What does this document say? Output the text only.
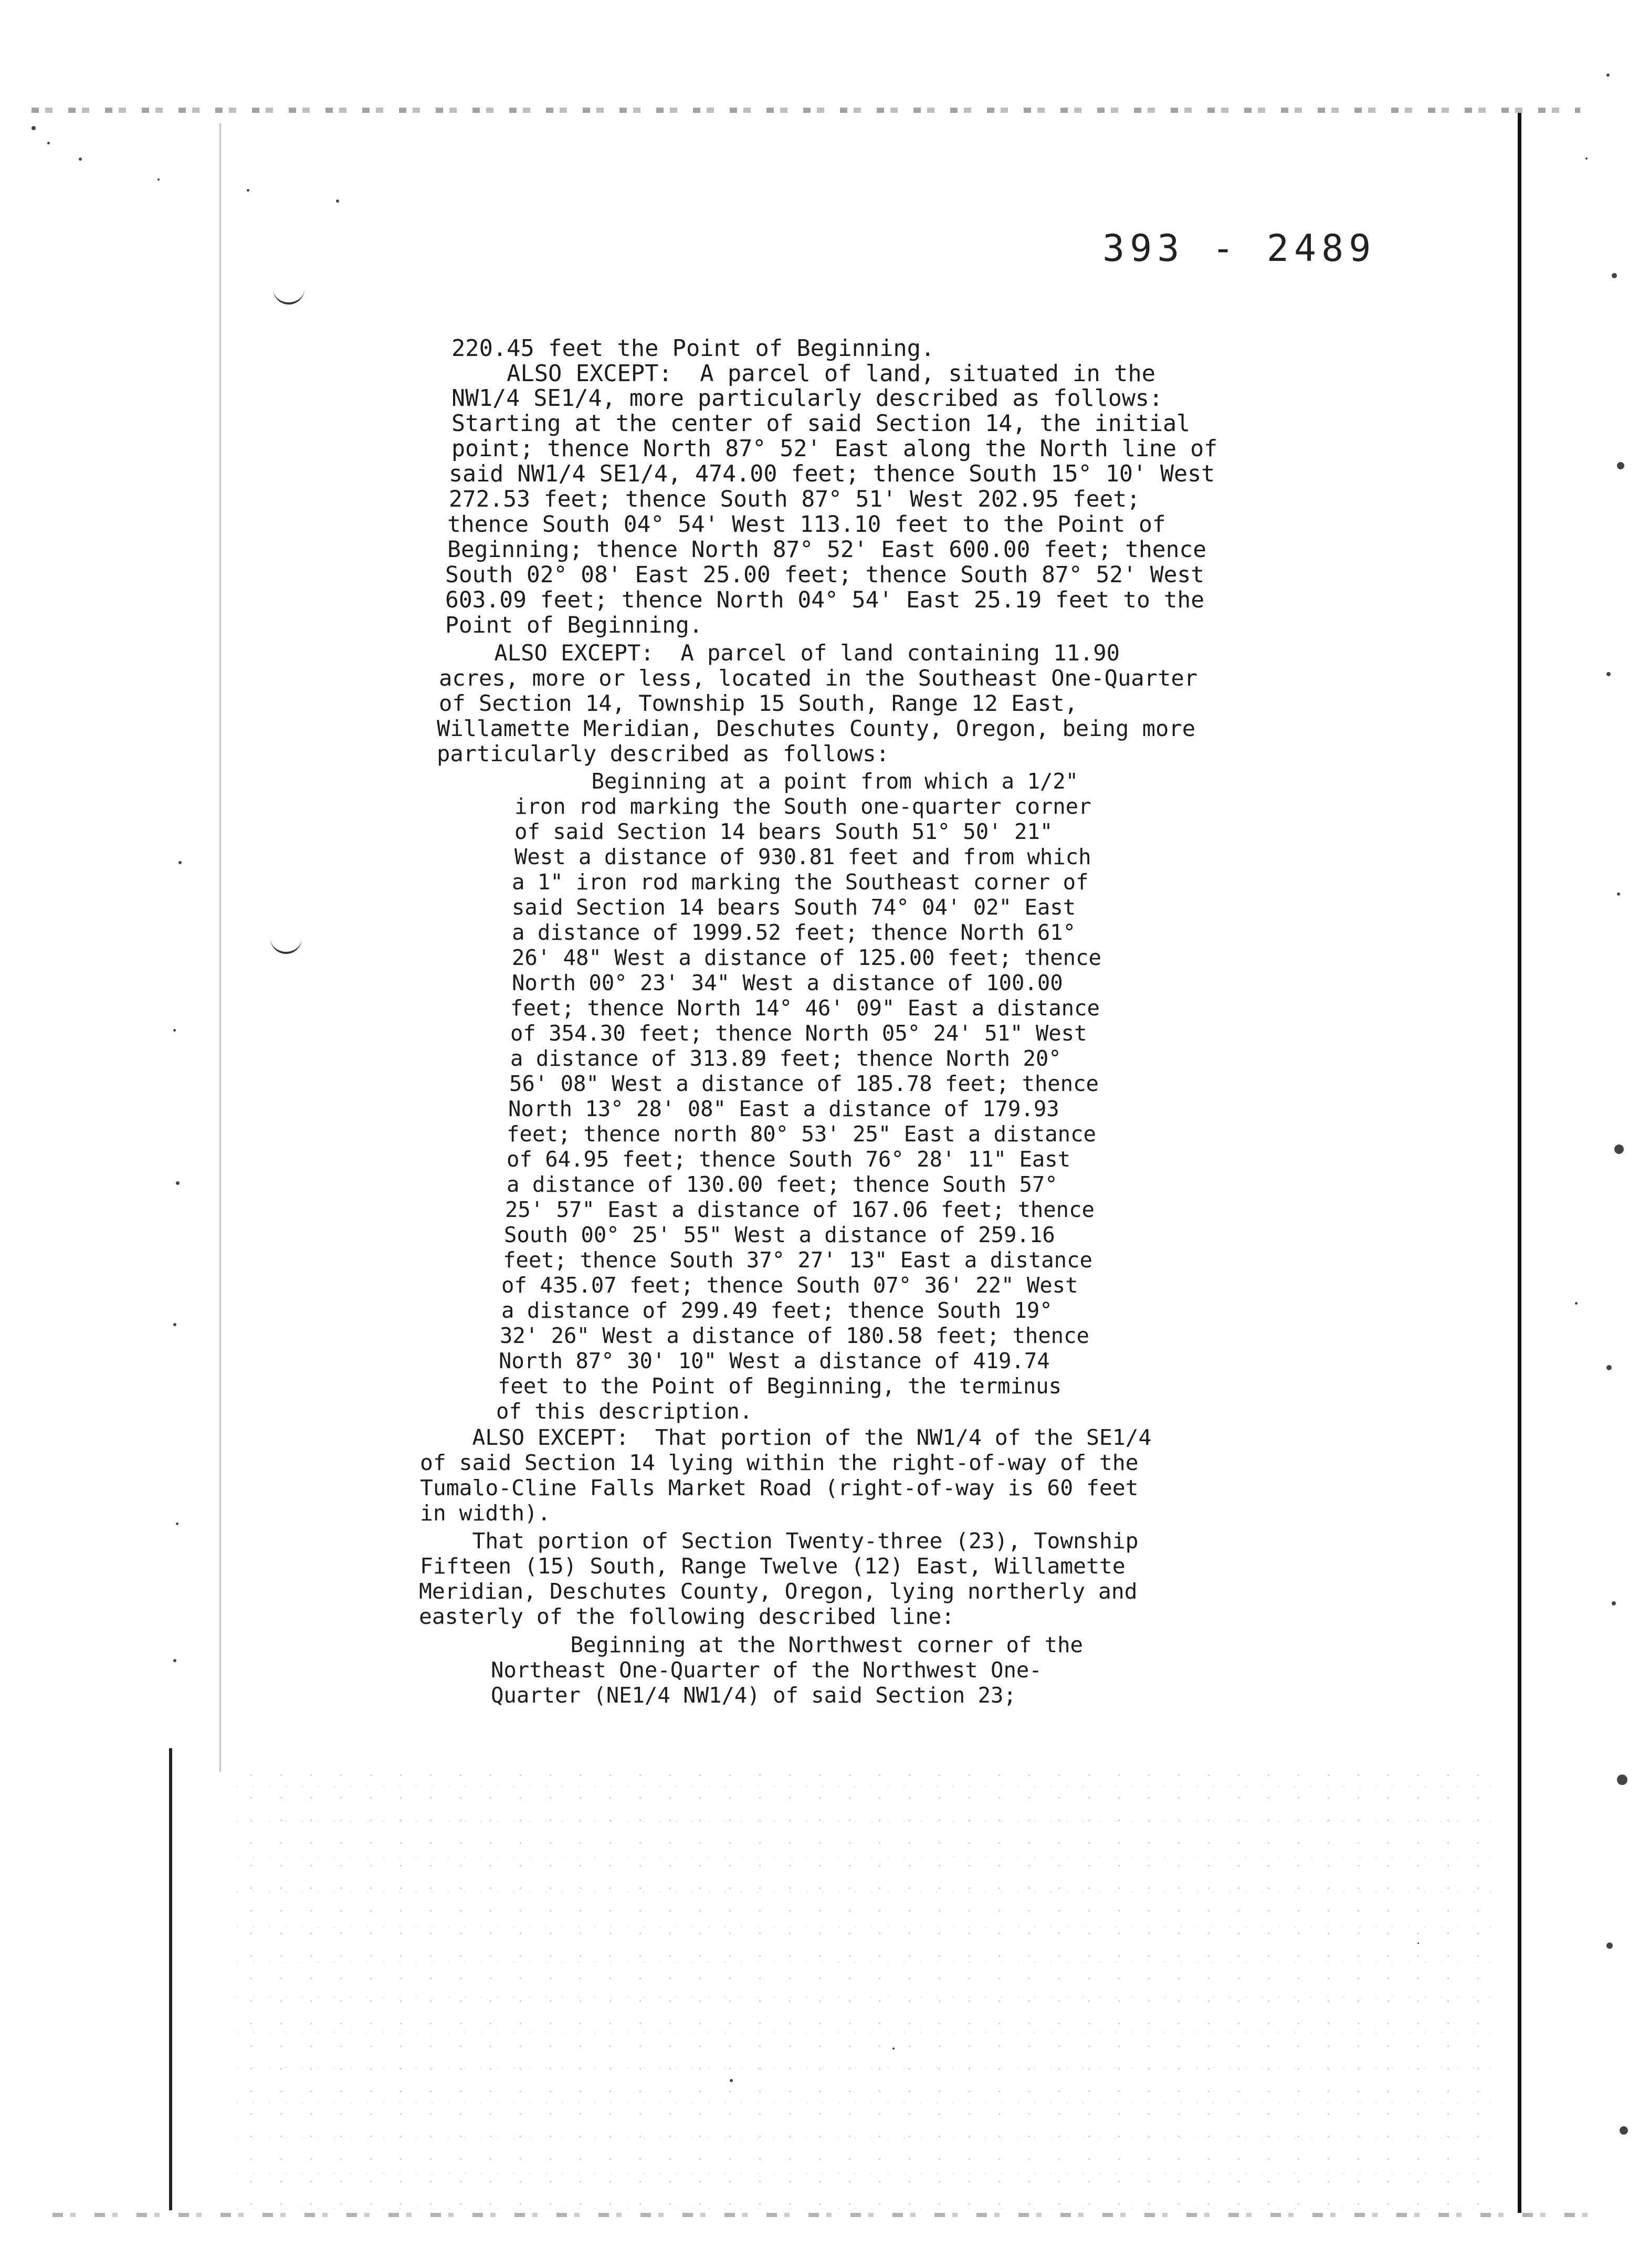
393 ‑ 2489
220.45 feet the Point of Beginning.
ALSO EXCEPT:  A parcel of land, situated in the
NW1/4 SE1/4, more particularly described as follows:
Starting at the center of said Section 14, the initial
point; thence North 87° 52' East along the North line of
said NW1/4 SE1/4, 474.00 feet; thence South 15° 10' West
272.53 feet; thence South 87° 51' West 202.95 feet;
thence South 04° 54' West 113.10 feet to the Point of
Beginning; thence North 87° 52' East 600.00 feet; thence
South 02° 08' East 25.00 feet; thence South 87° 52' West
603.09 feet; thence North 04° 54' East 25.19 feet to the
Point of Beginning.
ALSO EXCEPT:  A parcel of land containing 11.90
acres, more or less, located in the Southeast One-Quarter
of Section 14, Township 15 South, Range 12 East,
Willamette Meridian, Deschutes County, Oregon, being more
particularly described as follows:
Beginning at a point from which a 1/2"
iron rod marking the South one-quarter corner
of said Section 14 bears South 51° 50' 21"
West a distance of 930.81 feet and from which
a 1" iron rod marking the Southeast corner of
said Section 14 bears South 74° 04' 02" East
a distance of 1999.52 feet; thence North 61°
26' 48" West a distance of 125.00 feet; thence
North 00° 23' 34" West a distance of 100.00
feet; thence North 14° 46' 09" East a distance
of 354.30 feet; thence North 05° 24' 51" West
a distance of 313.89 feet; thence North 20°
56' 08" West a distance of 185.78 feet; thence
North 13° 28' 08" East a distance of 179.93
feet; thence north 80° 53' 25" East a distance
of 64.95 feet; thence South 76° 28' 11" East
a distance of 130.00 feet; thence South 57°
25' 57" East a distance of 167.06 feet; thence
South 00° 25' 55" West a distance of 259.16
feet; thence South 37° 27' 13" East a distance
of 435.07 feet; thence South 07° 36' 22" West
a distance of 299.49 feet; thence South 19°
32' 26" West a distance of 180.58 feet; thence
North 87° 30' 10" West a distance of 419.74
feet to the Point of Beginning, the terminus
of this description.
ALSO EXCEPT:  That portion of the NW1/4 of the SE1/4
of said Section 14 lying within the right-of-way of the
Tumalo-Cline Falls Market Road (right-of-way is 60 feet
in width).
That portion of Section Twenty-three (23), Township
Fifteen (15) South, Range Twelve (12) East, Willamette
Meridian, Deschutes County, Oregon, lying northerly and
easterly of the following described line:
Beginning at the Northwest corner of the
Northeast One-Quarter of the Northwest One-
Quarter (NE1/4 NW1/4) of said Section 23;
